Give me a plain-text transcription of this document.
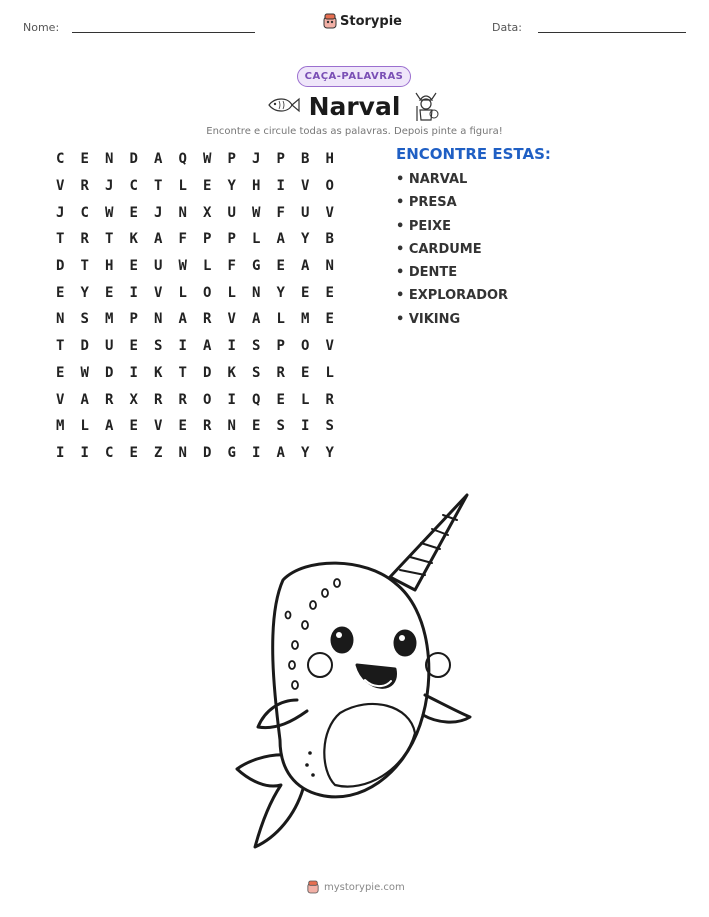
Nome:	Storypie	Data:
CAÇA-PALAVRAS
Narval
Encontre e circule todas as palavras. Depois pinte a figura!
C	E	N	D	A	Q	W	P	J	P	B	H
V	R	J	C	T	L	E	Y	H	I	V	O
J	C	W	E	J	N	X	U	W	F	U	V
T	R	T	K	A	F	P	P	L	A	Y	B
D	T	H	E	U	W	L	F	G	E	A	N
E	Y	E	I	V	L	O	L	N	Y	E	E
N	S	M	P	N	A	R	V	A	L	M	E
T	D	U	E	S	I	A	I	S	P	O	V
E	W	D	I	K	T	D	K	S	R	E	L
V	A	R	X	R	R	O	I	Q	E	L	R
M	L	A	E	V	E	R	N	E	S	I	S
I	I	C	E	Z	N	D	G	I	A	Y	Y
ENCONTRE ESTAS:
• NARVAL
• PRESA
• PEIXE
• CARDUME
• DENTE
• EXPLORADOR
• VIKING
mystorypie.com
